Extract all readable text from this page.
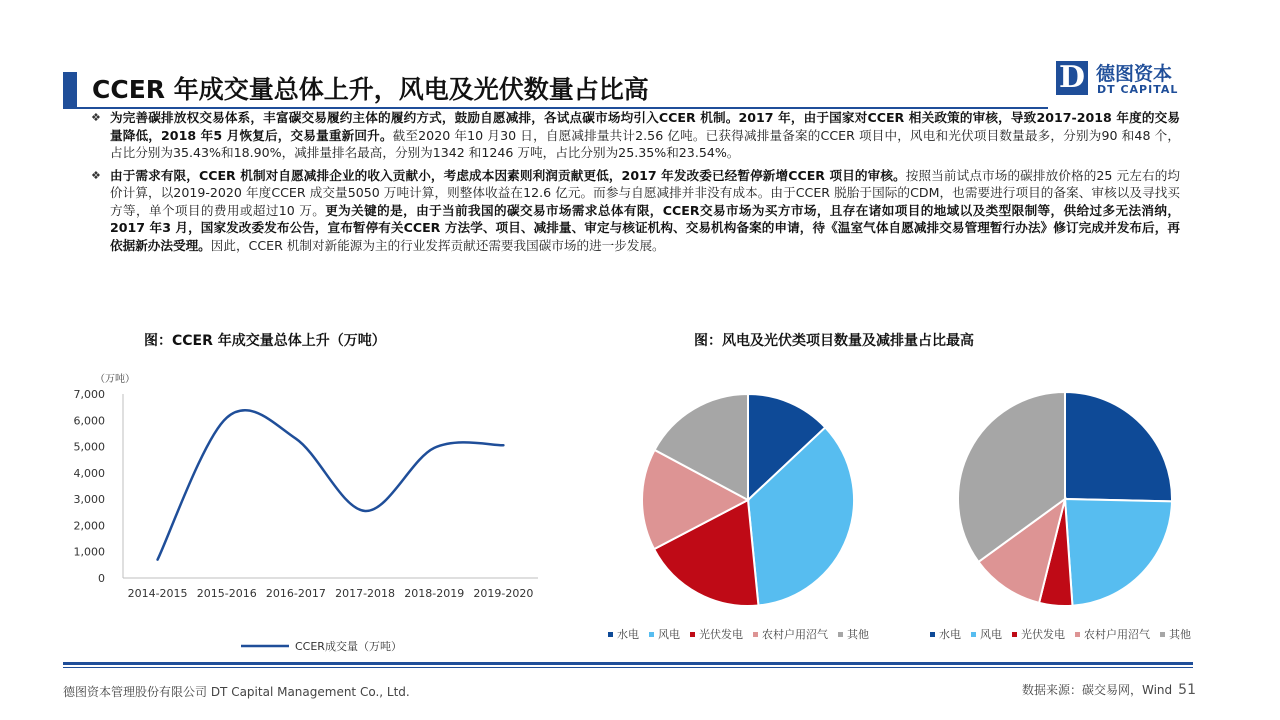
CCER 年成交量总体上升，风电及光伏数量占比高	D 德图资本
DT CAPITAL

❖ 为完善碳排放权交易体系，丰富碳交易履约主体的履约方式，鼓励自愿减排，各试点碳市场均引入CCER 机制。2017 年，由于国家对CCER 相关政策的审核，导致2017-2018 年度的交易量降低，2018 年5 月恢复后，交易量重新回升。截至2020 年10 月30 日，自愿减排量共计2.56 亿吨。已获得减排量备案的CCER 项目中，风电和光伏项目数量最多，分别为90 和48 个，占比分别为35.43%和18.90%，减排量排名最高，分别为1342 和1246 万吨，占比分别为25.35%和23.54%。

❖ 由于需求有限，CCER 机制对自愿减排企业的收入贡献小，考虑成本因素则利润贡献更低，2017 年发改委已经暂停新增CCER 项目的审核。按照当前试点市场的碳排放价格的25 元左右的均价计算，以2019-2020 年度CCER 成交量5050 万吨计算，则整体收益在12.6 亿元。而参与自愿减排并非没有成本。由于CCER 脱胎于国际的CDM，也需要进行项目的备案、审核以及寻找买方等，单个项目的费用或超过10 万。更为关键的是，由于当前我国的碳交易市场需求总体有限，CCER交易市场为买方市场，且存在诸如项目的地域以及类型限制等，供给过多无法消纳，2017 年3 月，国家发改委发布公告，宣布暂停有关CCER 方法学、项目、减排量、审定与核证机构、交易机构备案的申请，待《温室气体自愿减排交易管理暂行办法》修订完成并发布后，再依据新办法受理。因此，CCER 机制对新能源为主的行业发挥贡献还需要我国碳市场的进一步发展。

图：CCER 年成交量总体上升（万吨）	图：风电及光伏类项目数量及减排量占比最高
（万吨）
0
1,000
2,000
3,000
4,000
5,000
6,000
7,000
2014-2015 2015-2016 2016-2017 2017-2018 2018-2019 2019-2020
CCER成交量（万吨）
水电 风电 光伏发电 农村户用沼气 其他	水电 风电 光伏发电 农村户用沼气 其他
德图资本管理股份有限公司 DT Capital Management Co., Ltd.	数据来源：碳交易网，Wind 51
